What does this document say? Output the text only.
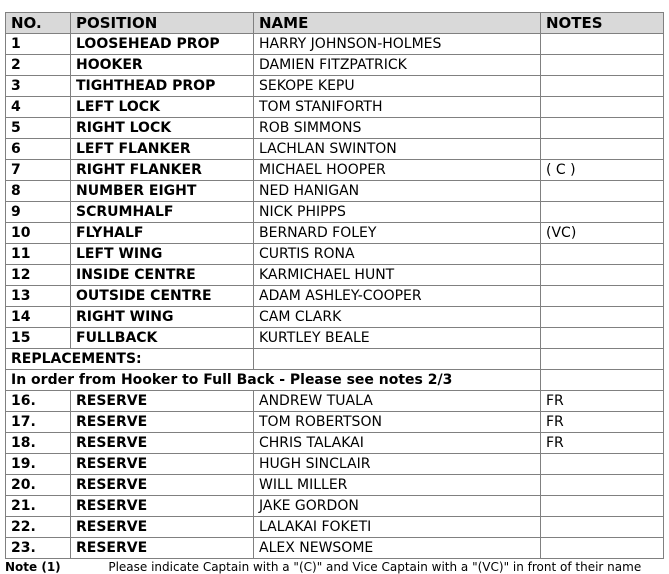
NO.	POSITION	NAME	NOTES
1	LOOSEHEAD PROP	HARRY JOHNSON-HOLMES	
2	HOOKER	DAMIEN FITZPATRICK	
3	TIGHTHEAD PROP	SEKOPE KEPU	
4	LEFT LOCK	TOM STANIFORTH	
5	RIGHT LOCK	ROB SIMMONS	
6	LEFT FLANKER	LACHLAN SWINTON	
7	RIGHT FLANKER	MICHAEL HOOPER	( C )
8	NUMBER EIGHT	NED HANIGAN	
9	SCRUMHALF	NICK PHIPPS	
10	FLYHALF	BERNARD FOLEY	(VC)
11	LEFT WING	CURTIS RONA	
12	INSIDE CENTRE	KARMICHAEL HUNT	
13	OUTSIDE CENTRE	ADAM ASHLEY-COOPER	
14	RIGHT WING	CAM CLARK	
15	FULLBACK	KURTLEY BEALE	
REPLACEMENTS:			
In order from Hooker to Full Back - Please see notes 2/3			
16.	RESERVE	ANDREW TUALA	FR
17.	RESERVE	TOM ROBERTSON	FR
18.	RESERVE	CHRIS TALAKAI	FR
19.	RESERVE	HUGH SINCLAIR	
20.	RESERVE	WILL MILLER	
21.	RESERVE	JAKE GORDON	
22.	RESERVE	LALAKAI FOKETI	
23.	RESERVE	ALEX NEWSOME	
Note (1)	Please indicate Captain with a "(C)" and Vice Captain with a "(VC)" in front of their name
